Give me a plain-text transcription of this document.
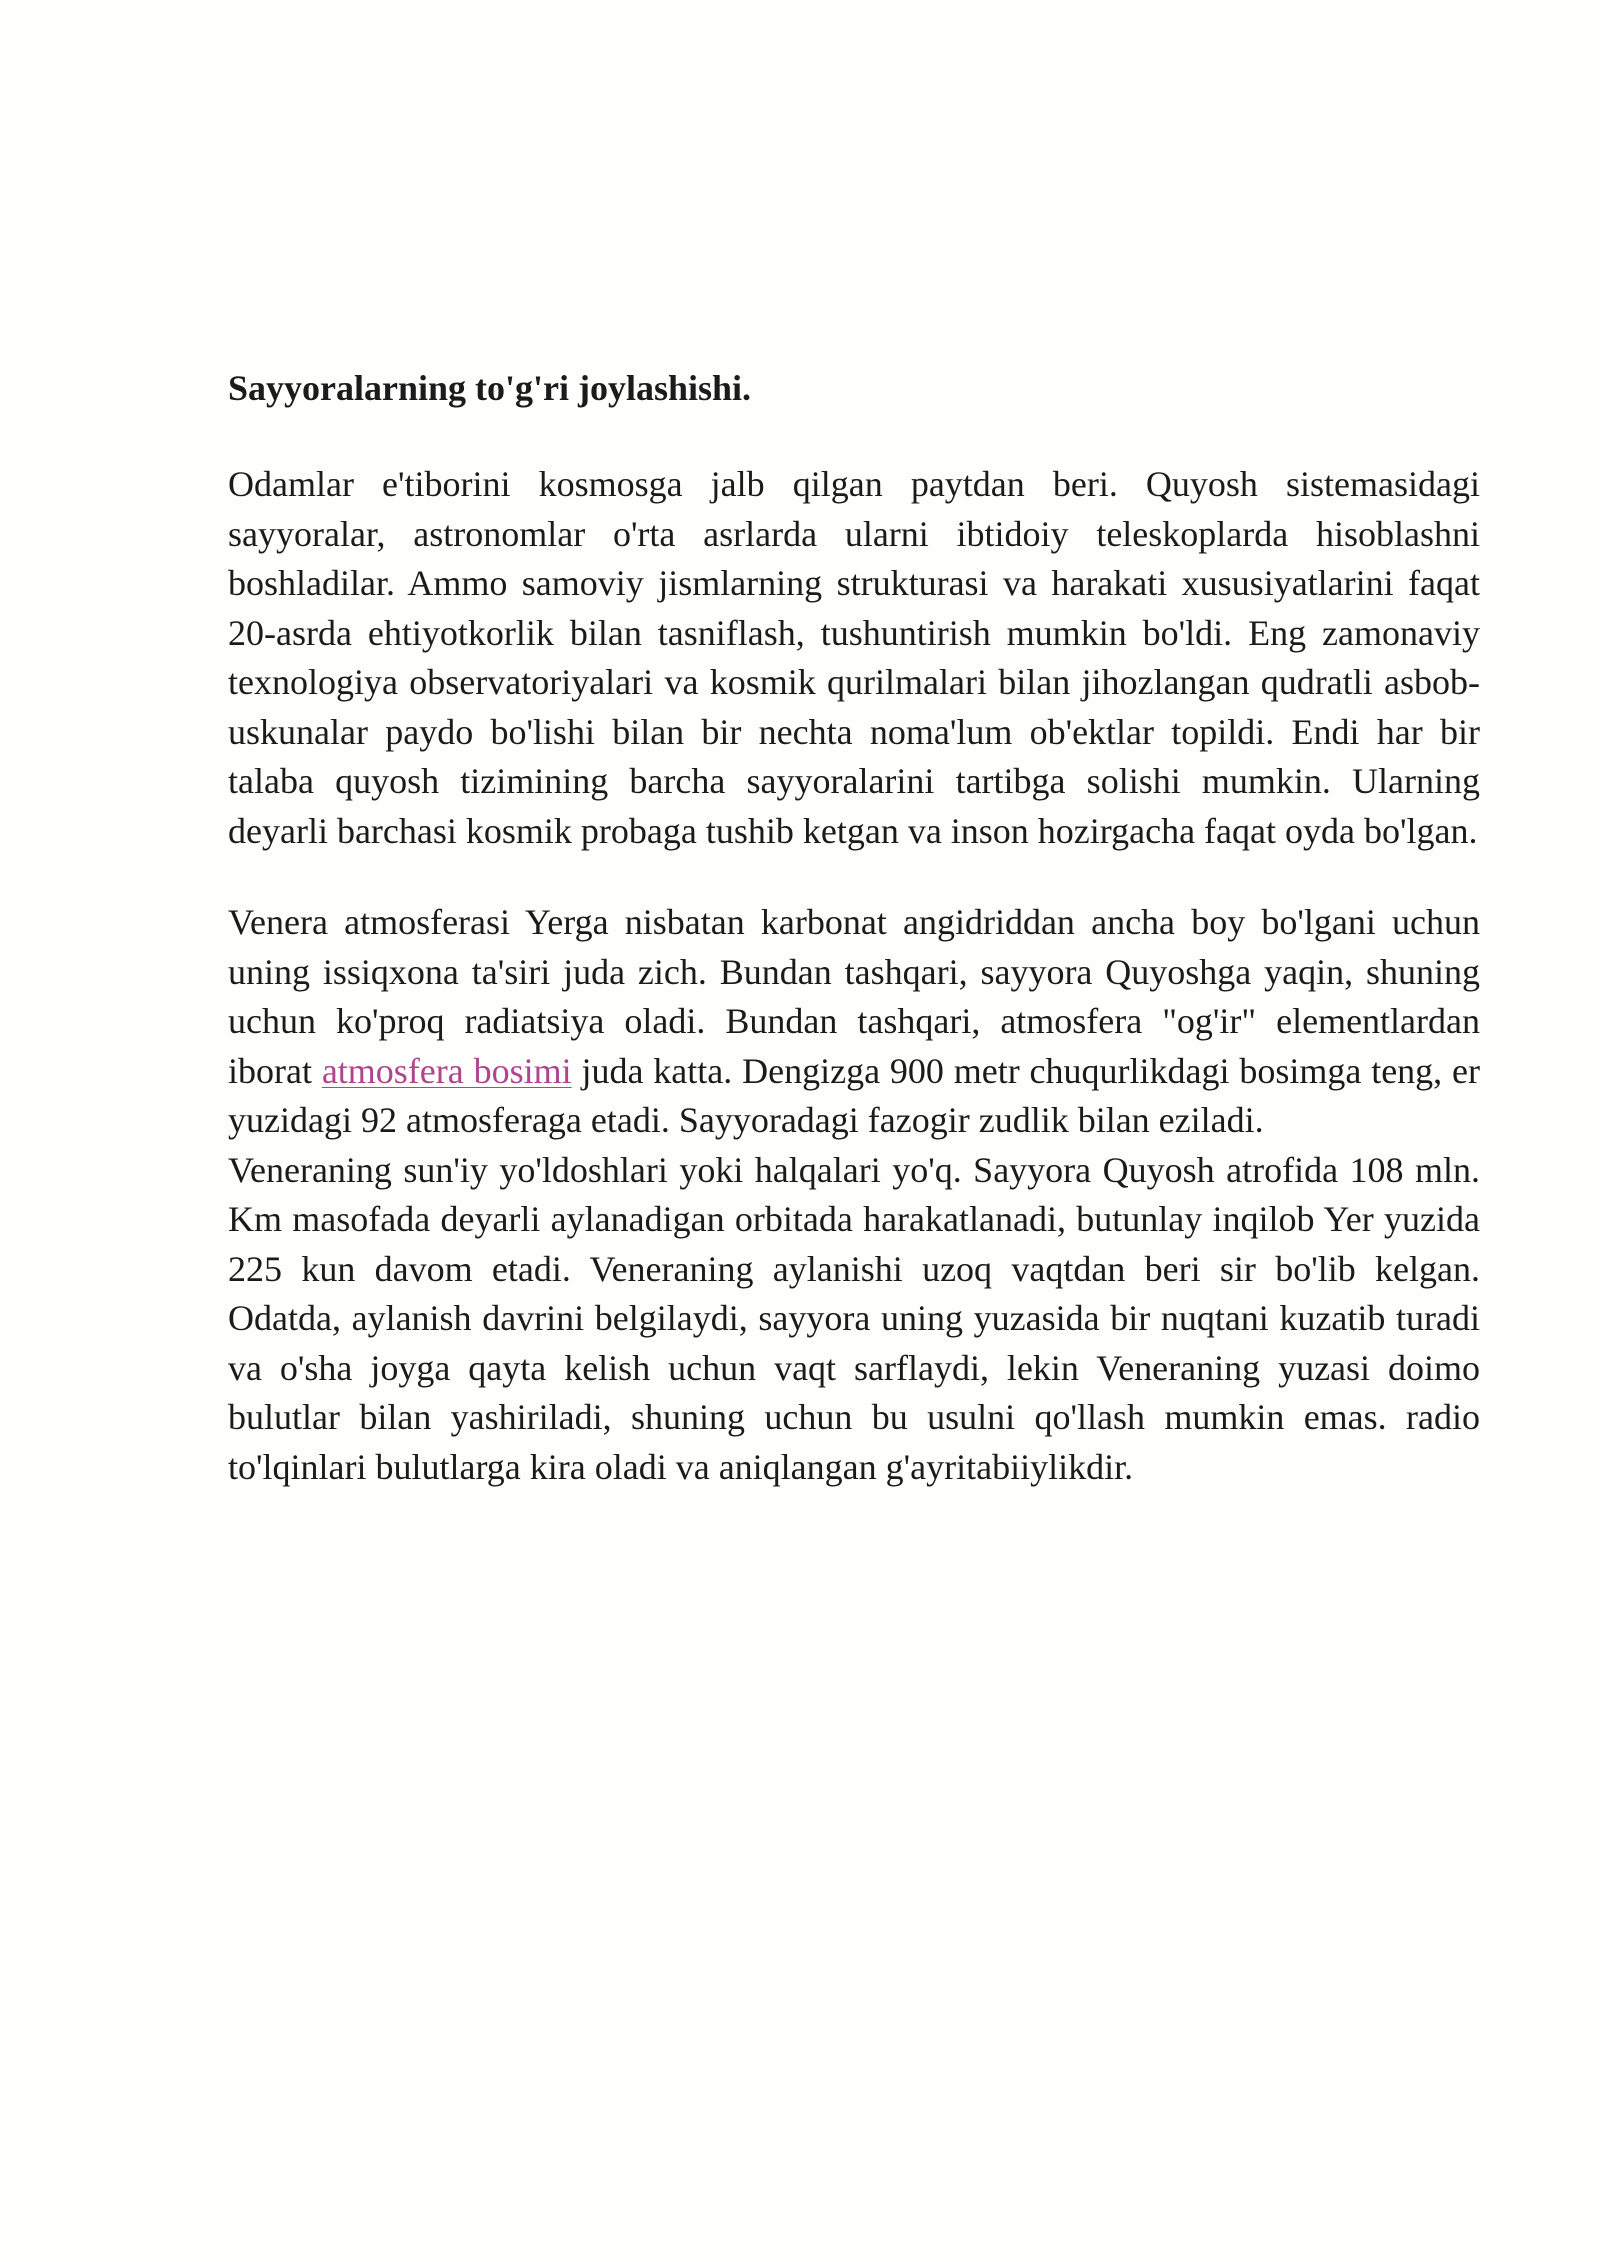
Sayyoralarning to'g'ri joylashishi.

Odamlar e'tiborini kosmosga jalb qilgan paytdan beri. Quyosh sistemasidagi sayyoralar, astronomlar o'rta asrlarda ularni ibtidoiy teleskoplarda hisoblashni boshladilar. Ammo samoviy jismlarning strukturasi va harakati xususiyatlarini faqat 20-asrda ehtiyotkorlik bilan tasniflash, tushuntirish mumkin bo'ldi. Eng zamonaviy texnologiya observatoriyalari va kosmik qurilmalari bilan jihozlangan qudratli asbob-uskunalar paydo bo'lishi bilan bir nechta noma'lum ob'ektlar topildi. Endi har bir talaba quyosh tizimining barcha sayyoralarini tartibga solishi mumkin. Ularning deyarli barchasi kosmik probaga tushib ketgan va inson hozirgacha faqat oyda bo'lgan.

Venera atmosferasi Yerga nisbatan karbonat angidriddan ancha boy bo'lgani uchun uning issiqxona ta'siri juda zich. Bundan tashqari, sayyora Quyoshga yaqin, shuning uchun ko'proq radiatsiya oladi. Bundan tashqari, atmosfera "og'ir" elementlardan iborat atmosfera bosimi juda katta. Dengizga 900 metr chuqurlikdagi bosimga teng, er yuzidagi 92 atmosferaga etadi. Sayyoradagi fazogir zudlik bilan eziladi.

Veneraning sun'iy yo'ldoshlari yoki halqalari yo'q. Sayyora Quyosh atrofida 108 mln. Km masofada deyarli aylanadigan orbitada harakatlanadi, butunlay inqilob Yer yuzida 225 kun davom etadi. Veneraning aylanishi uzoq vaqtdan beri sir bo'lib kelgan. Odatda, aylanish davrini belgilaydi, sayyora uning yuzasida bir nuqtani kuzatib turadi va o'sha joyga qayta kelish uchun vaqt sarflaydi, lekin Veneraning yuzasi doimo bulutlar bilan yashiriladi, shuning uchun bu usulni qo'llash mumkin emas. radio to'lqinlari bulutlarga kira oladi va aniqlangan g'ayritabiiylikdir.
